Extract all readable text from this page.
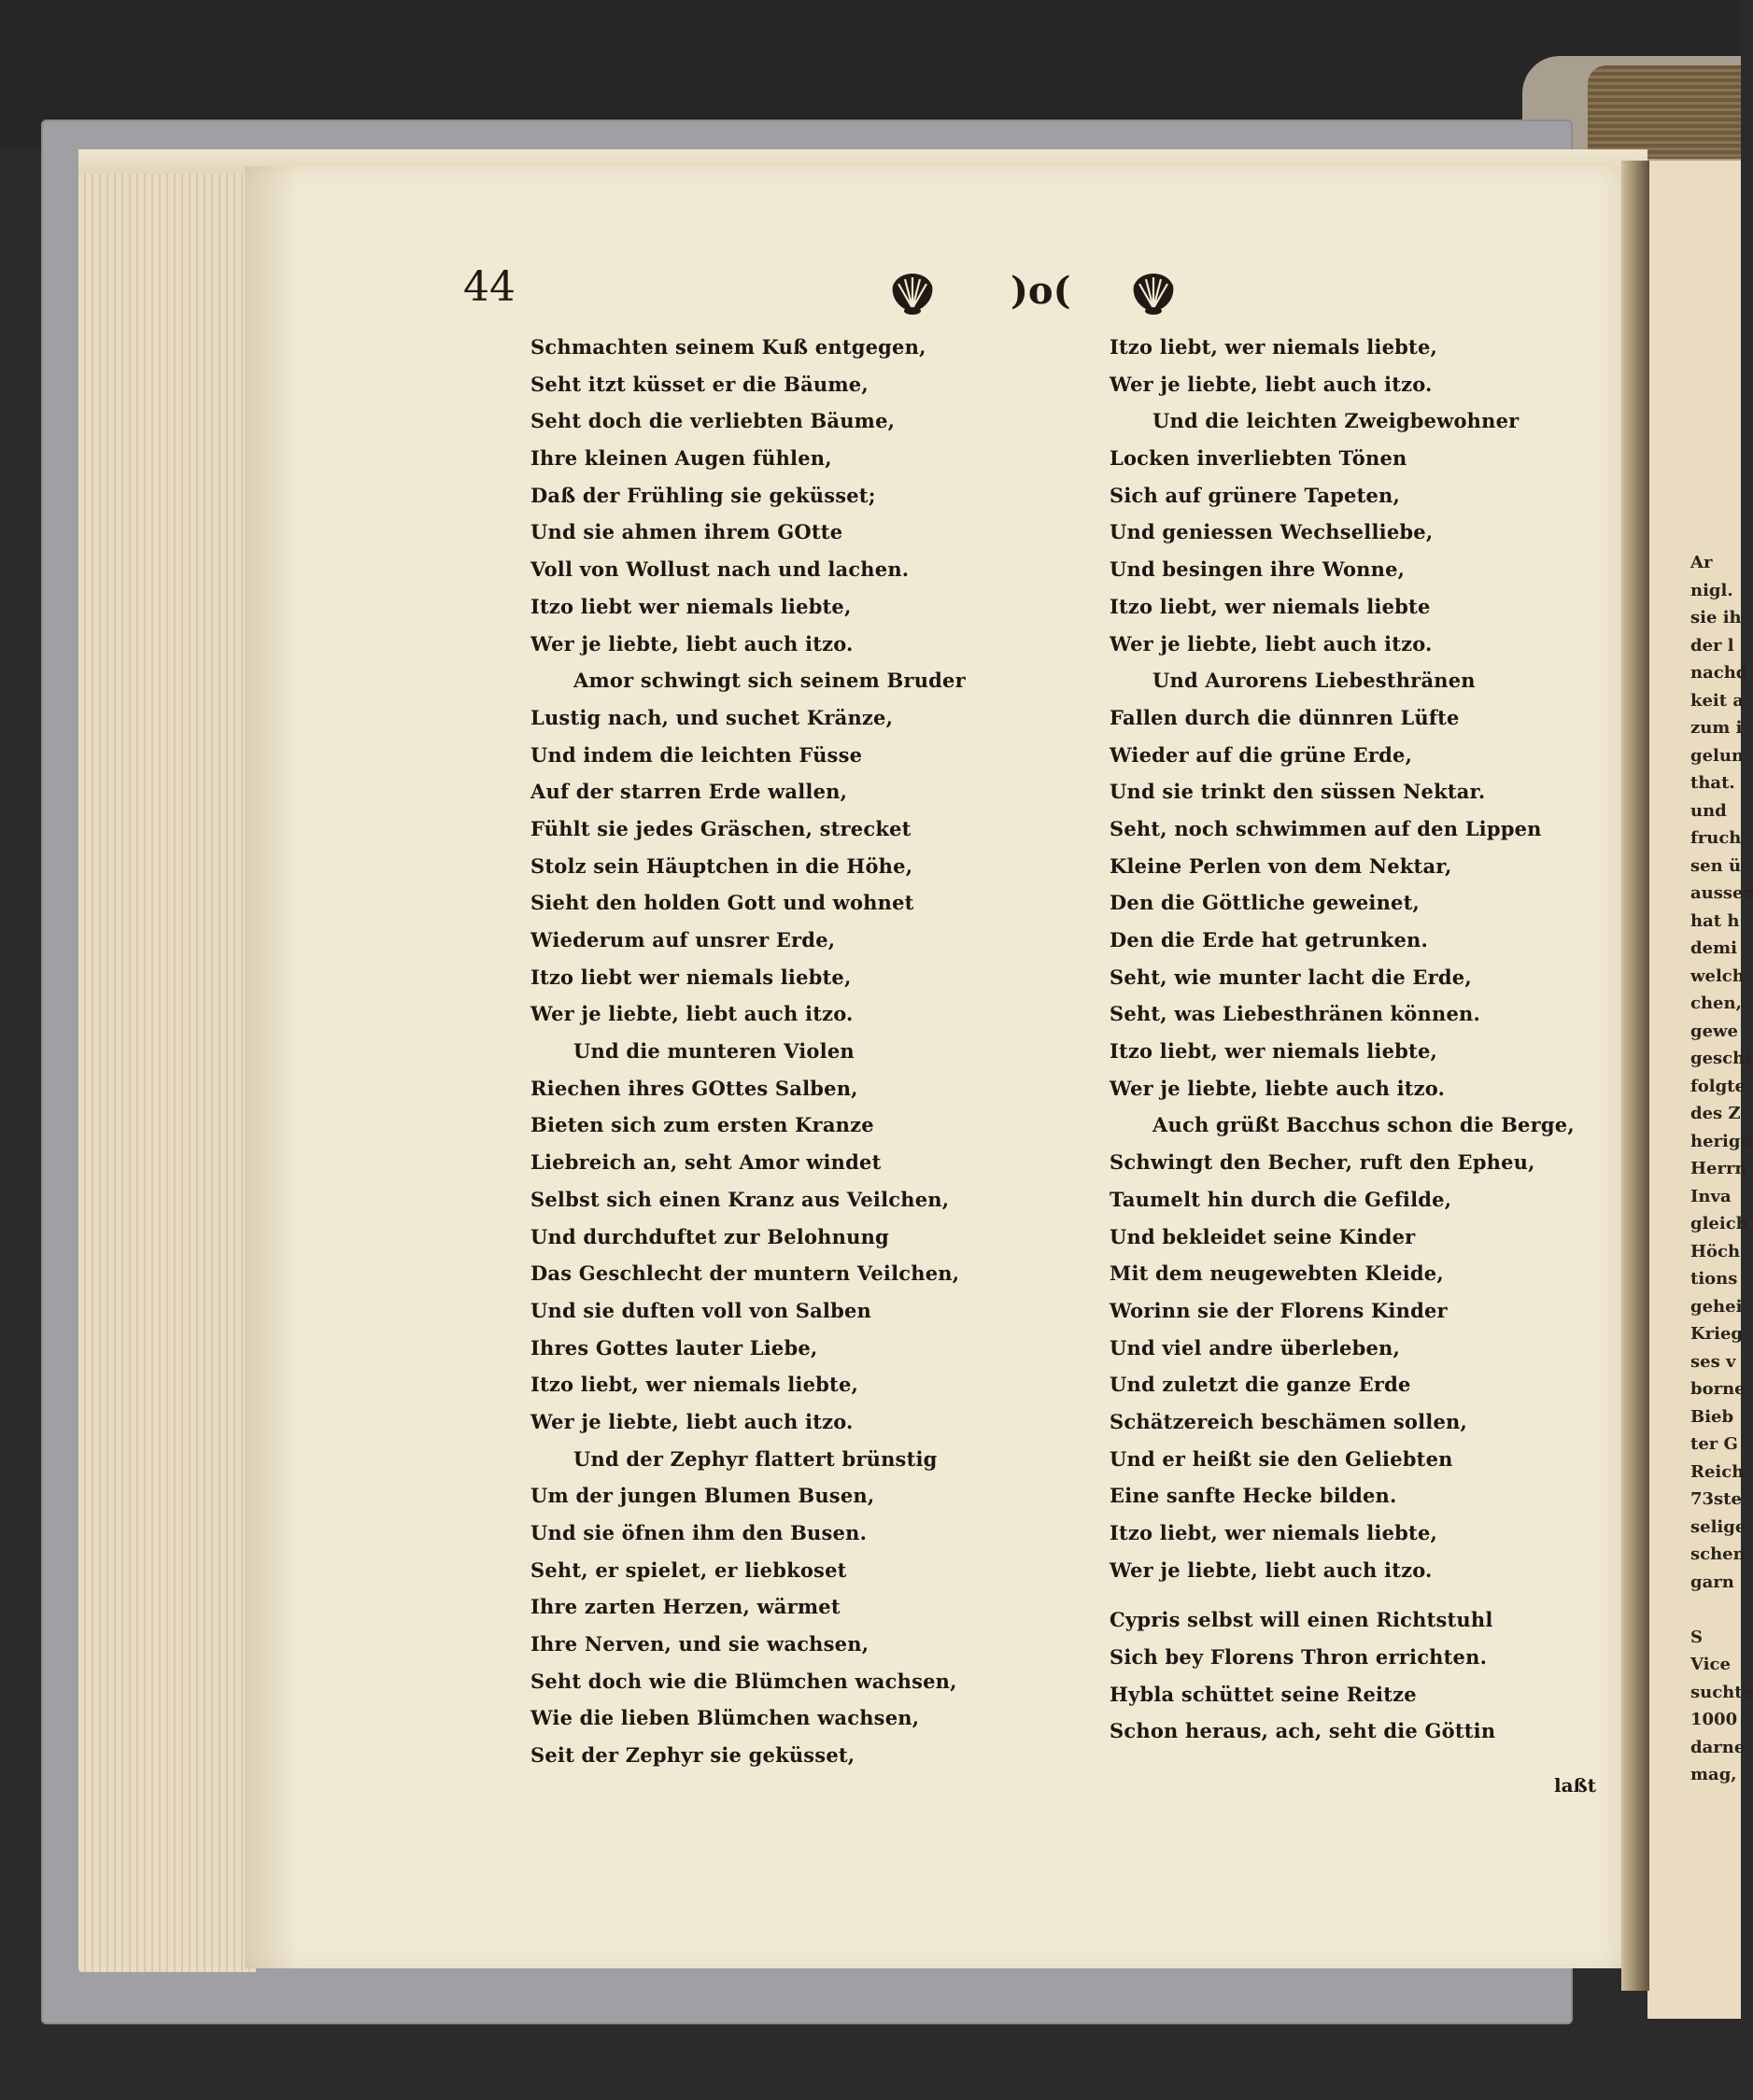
44	)o(
Schmachten seinem Kuß entgegen,
Seht itzt küsset er die Bäume,
Seht doch die verliebten Bäume,
Ihre kleinen Augen fühlen,
Daß der Frühling sie geküsset;
Und sie ahmen ihrem GOtte
Voll von Wollust nach und lachen.
Itzo liebt wer niemals liebte,
Wer je liebte, liebt auch itzo.
Amor schwingt sich seinem Bruder
Lustig nach, und suchet Kränze,
Und indem die leichten Füsse
Auf der starren Erde wallen,
Fühlt sie jedes Gräschen, strecket
Stolz sein Häuptchen in die Höhe,
Sieht den holden Gott und wohnet
Wiederum auf unsrer Erde,
Itzo liebt wer niemals liebte,
Wer je liebte, liebt auch itzo.
Und die munteren Violen
Riechen ihres GOttes Salben,
Bieten sich zum ersten Kranze
Liebreich an, seht Amor windet
Selbst sich einen Kranz aus Veilchen,
Und durchduftet zur Belohnung
Das Geschlecht der muntern Veilchen,
Und sie duften voll von Salben
Ihres Gottes lauter Liebe,
Itzo liebt, wer niemals liebte,
Wer je liebte, liebt auch itzo.
Und der Zephyr flattert brünstig
Um der jungen Blumen Busen,
Und sie öfnen ihm den Busen.
Seht, er spielet, er liebkoset
Ihre zarten Herzen, wärmet
Ihre Nerven, und sie wachsen,
Seht doch wie die Blümchen wachsen,
Wie die lieben Blümchen wachsen,
Seit der Zephyr sie geküsset,
Itzo liebt, wer niemals liebte,
Wer je liebte, liebt auch itzo.
Und die leichten Zweigbewohner
Locken inverliebten Tönen
Sich auf grünere Tapeten,
Und geniessen Wechselliebe,
Und besingen ihre Wonne,
Itzo liebt, wer niemals liebte
Wer je liebte, liebt auch itzo.
Und Aurorens Liebesthränen
Fallen durch die dünnren Lüfte
Wieder auf die grüne Erde,
Und sie trinkt den süssen Nektar.
Seht, noch schwimmen auf den Lippen
Kleine Perlen von dem Nektar,
Den die Göttliche geweinet,
Den die Erde hat getrunken.
Seht, wie munter lacht die Erde,
Seht, was Liebesthränen können.
Itzo liebt, wer niemals liebte,
Wer je liebte, liebte auch itzo.
Auch grüßt Bacchus schon die Berge,
Schwingt den Becher, ruft den Epheu,
Taumelt hin durch die Gefilde,
Und bekleidet seine Kinder
Mit dem neugewebten Kleide,
Worinn sie der Florens Kinder
Und viel andre überleben,
Und zuletzt die ganze Erde
Schätzereich beschämen sollen,
Und er heißt sie den Geliebten
Eine sanfte Hecke bilden.
Itzo liebt, wer niemals liebte,
Wer je liebte, liebt auch itzo.
Cypris selbst will einen Richtstuhl
Sich bey Florens Thron errichten.
Hybla schüttet seine Reitze
Schon heraus, ach, seht die Göttin
laßt
Ar
nigl.
sie ih
der l
nachd
keit a
zum i
gelun
that.
und
fruch
sen ü
ausser
hat h
demi
welch
chen,
gewe
geschi
folgte
des Z
herige
Herrn
Inva
gleich
Höch
tions
gehei
Krieg
ses v
borne
Bieb
ter G
Reich
73ste
selige
schen
garn
S
Vice
suchte
1000
darne
mag,
